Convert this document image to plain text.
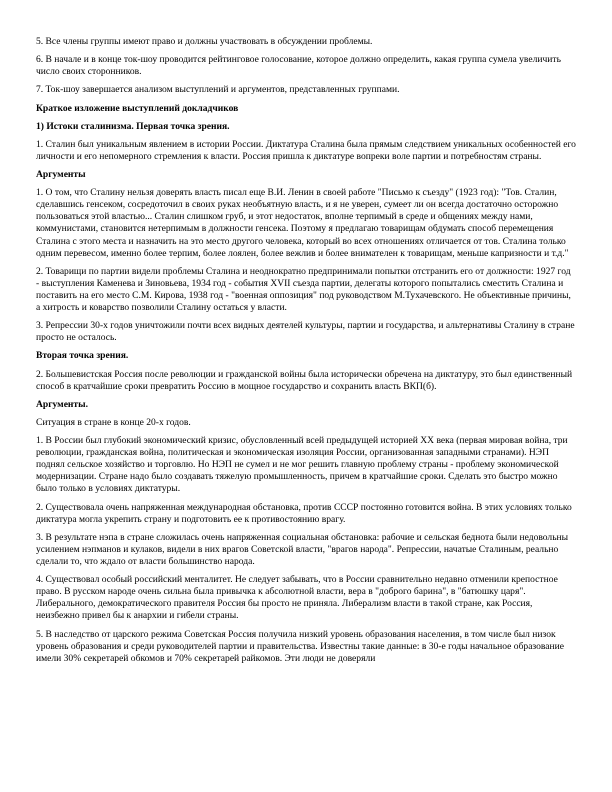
5. Все члены группы имеют право и должны участвовать в обсуждении проблемы.

6. В начале и в конце ток-шоу проводится рейтинговое голосование, которое должно определить, какая группа сумела увеличить число своих сторонников.

7. Ток-шоу завершается анализом выступлений и аргументов, представленных группами.

Краткое изложение выступлений докладчиков

1) Истоки сталинизма. Первая точка зрения.

1. Сталин был уникальным явлением в истории России. Диктатура Сталина была прямым следствием уникальных особенностей его личности и его непомерного стремления к власти. Россия пришла к диктатуре вопреки воле партии и потребностям страны.

Аргументы

1. О том, что Сталину нельзя доверять власть писал еще В.И. Ленин в своей работе "Письмо к съезду" (1923 год): "Тов. Сталин, сделавшись генсеком, сосредоточил в своих руках необъятную власть, и я не уверен, сумеет ли он всегда достаточно осторожно пользоваться этой властью... Сталин слишком груб, и этот недостаток, вполне терпимый в среде и общениях между нами, коммунистами, становится нетерпимым в должности генсека. Поэтому я предлагаю товарищам обдумать способ перемещения Сталина с этого места и назначить на это место другого человека, который во всех отношениях отличается от тов. Сталина только одним перевесом, именно более терпим, более лоялен, более вежлив и более внимателен к товарищам, меньше капризности и т.д."

2. Товарищи по партии видели проблемы Сталина и неоднократно предпринимали попытки отстранить его от должности: 1927 год - выступления Каменева и Зиновьева, 1934 год - события XVII съезда партии, делегаты которого попытались сместить Сталина и поставить на его место С.М. Кирова, 1938 год - "военная оппозиция" под руководством М.Тухачевского. Не объективные причины, а хитрость и коварство позволили Сталину остаться у власти.

3. Репрессии 30-х годов уничтожили почти всех видных деятелей культуры, партии и государства, и альтернативы Сталину в стране просто не осталось.

Вторая точка зрения.

2. Большевистская Россия после революции и гражданской войны была исторически обречена на диктатуру, это был единственный способ в кратчайшие сроки превратить Россию в мощное государство и сохранить власть ВКП(б).

Аргументы.

Ситуация в стране в конце 20-х годов.

1. В России был глубокий экономический кризис, обусловленный всей предыдущей историей XX века (первая мировая война, три революции, гражданская война, политическая и экономическая изоляция России, организованная западными странами). НЭП поднял сельское хозяйство и торговлю. Но НЭП не сумел и не мог решить главную проблему страны - проблему экономической модернизации. Стране надо было создавать тяжелую промышленность, причем в кратчайшие сроки. Сделать это быстро можно было только в условиях диктатуры.

2. Существовала очень напряженная международная обстановка, против СССР постоянно готовится война. В этих условиях только диктатура могла укрепить страну и подготовить ее к противостоянию врагу.

3. В результате нэпа в стране сложилась очень напряженная социальная обстановка: рабочие и сельская беднота были недовольны усилением нэпманов и кулаков, видели в них врагов Советской власти, "врагов народа". Репрессии, начатые Сталиным, реально сделали то, что ждало от власти большинство народа.

4. Существовал особый российский менталитет. Не следует забывать, что в России сравнительно недавно отменили крепостное право. В русском народе очень сильна была привычка к абсолютной власти, вера в "доброго барина", в "батюшку царя". Либерального, демократического правителя Россия бы просто не приняла. Либерализм власти в такой стране, как Россия, неизбежно привел бы к анархии и гибели страны.

5. В наследство от царского режима Советская Россия получила низкий уровень образования населения, в том числе был низок уровень образования и среди руководителей партии и правительства. Известны такие данные: в 30-е годы начальное образование имели 30% секретарей обкомов и 70% секретарей райкомов. Эти люди не доверяли
